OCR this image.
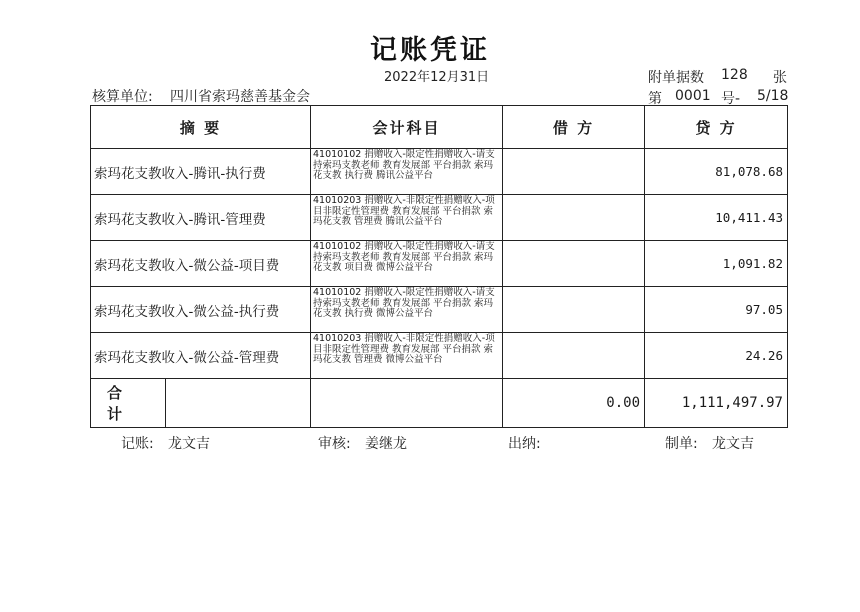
记账凭证
2022年12月31日	附单据数 128 张
核算单位: 四川省索玛慈善基金会	第 0001 号- 5/18
摘 要	会计科目	借 方	贷 方
索玛花支教收入-腾讯-执行费	41010102 捐赠收入-限定性捐赠收入-请支持索玛支教老师 教育发展部 平台捐款 索玛花支教 执行费 腾讯公益平台		81,078.68
索玛花支教收入-腾讯-管理费	41010203 捐赠收入-非限定性捐赠收入-项目非限定性管理费 教育发展部 平台捐款 索玛花支教 管理费 腾讯公益平台		10,411.43
索玛花支教收入-微公益-项目费	41010102 捐赠收入-限定性捐赠收入-请支持索玛支教老师 教育发展部 平台捐款 索玛花支教 项目费 微博公益平台		1,091.82
索玛花支教收入-微公益-执行费	41010102 捐赠收入-限定性捐赠收入-请支持索玛支教老师 教育发展部 平台捐款 索玛花支教 执行费 微博公益平台		97.05
索玛花支教收入-微公益-管理费	41010203 捐赠收入-非限定性捐赠收入-项目非限定性管理费 教育发展部 平台捐款 索玛花支教 管理费 微博公益平台		24.26

合 计		0.00	1,111,497.97
记账: 龙文吉	审核: 姜继龙	出纳:	制单: 龙文吉
